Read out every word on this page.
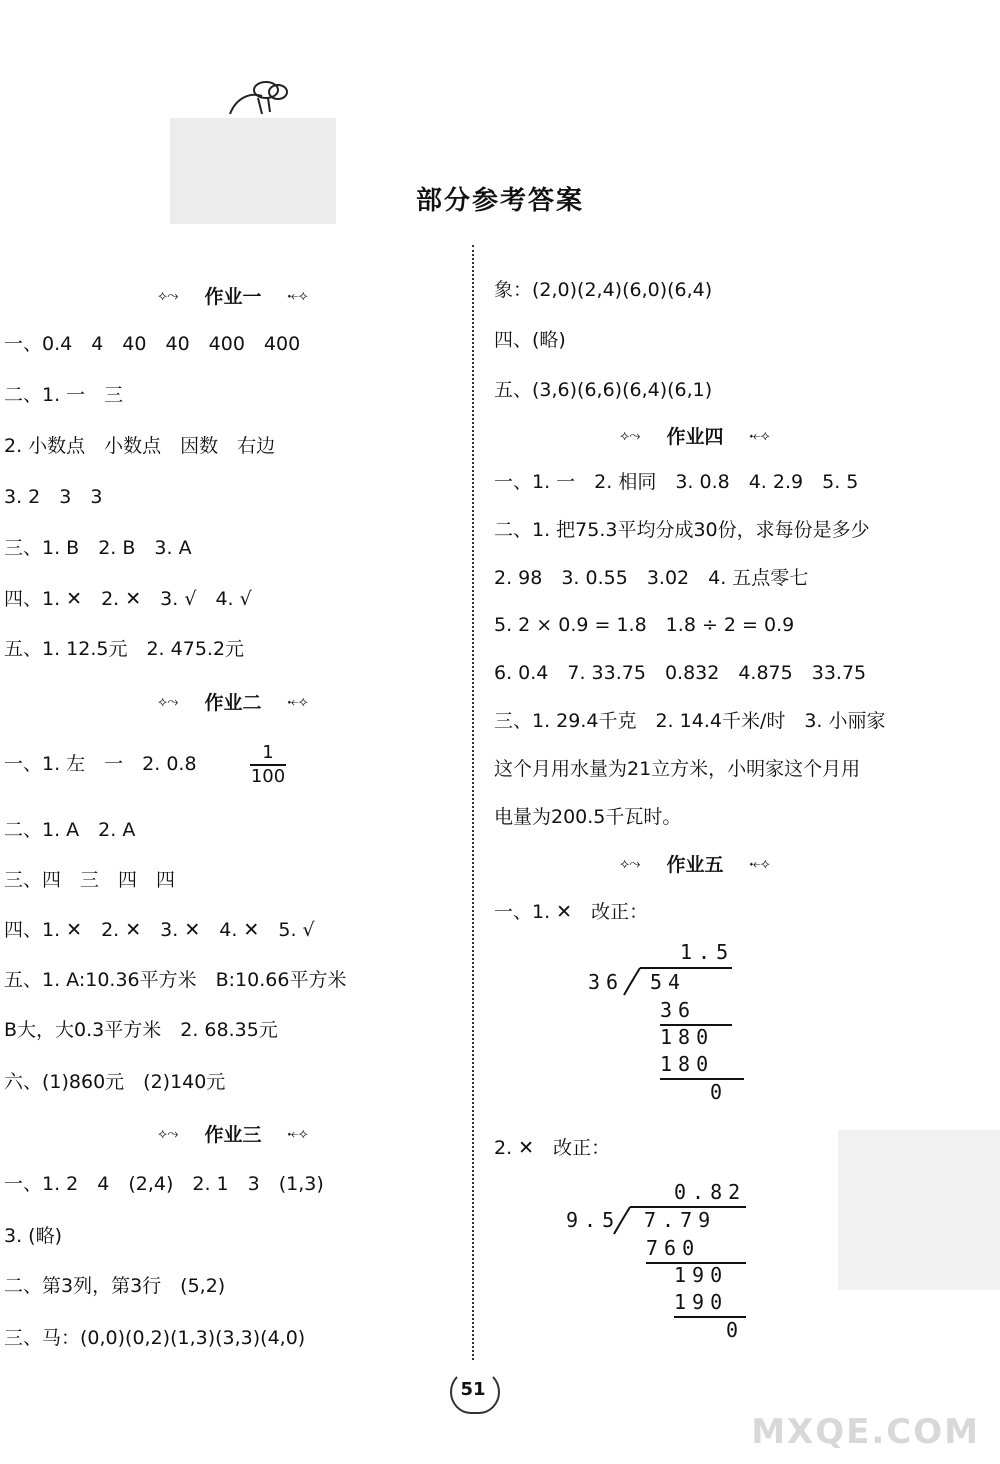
部分参考答案
⟡⤳ 作业一 ⤝⟡
一、0.4　4　40　40　400　400
二、1. 一　三
2. 小数点　小数点　因数　右边
3. 2　3　3
三、1. B　2. B　3. A
四、1. ✕　2. ✕　3. √　4. √
五、1. 12.5元　2. 475.2元
⟡⤳ 作业二 ⤝⟡
一、1. 左　一　2. 0.8
1
100
二、1. A　2. A
三、四　三　四　四
四、1. ✕　2. ✕　3. ✕　4. ✕　5. √
五、1. A:10.36平方米　B:10.66平方米
B大，大0.3平方米　2. 68.35元
六、(1)860元　(2)140元
⟡⤳ 作业三 ⤝⟡
一、1. 2　4　(2,4)　2. 1　3　(1,3)
3. (略)
二、第3列，第3行　(5,2)
三、马：(0,0)(0,2)(1,3)(3,3)(4,0)
象：(2,0)(2,4)(6,0)(6,4)
四、(略)
五、(3,6)(6,6)(6,4)(6,1)
⟡⤳ 作业四 ⤝⟡
一、1. 一　2. 相同　3. 0.8　4. 2.9　5. 5
二、1. 把75.3平均分成30份，求每份是多少
2. 98　3. 0.55　3.02　4. 五点零七
5. 2 × 0.9 = 1.8　1.8 ÷ 2 = 0.9
6. 0.4　7. 33.75　0.832　4.875　33.75
三、1. 29.4千克　2. 14.4千米/时　3. 小丽家
这个月用水量为21立方米，小明家这个月用
电量为200.5千瓦时。
⟡⤳ 作业五 ⤝⟡
一、1. ✕　改正：
1.5
36 54
36
180
180
0
2. ✕　改正：
0.82
9.5 7.79
760
190
190
0
51
MXQE.COM
